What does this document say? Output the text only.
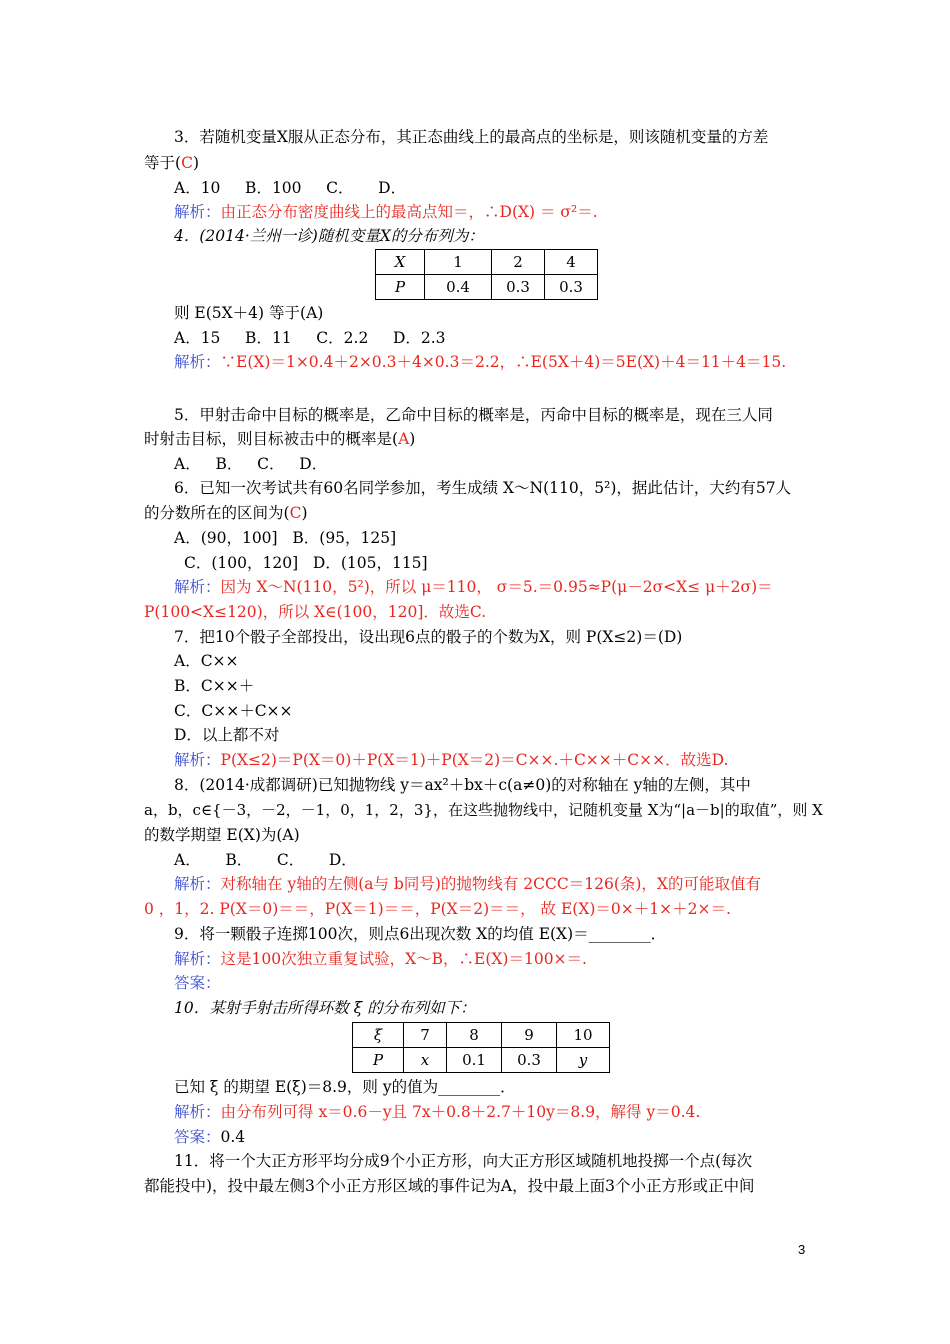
3．若随机变量X服从正态分布，其正态曲线上的最高点的坐标是，则该随机变量的方差
等于(C)
A．10     B．100     C．     D．
解析：由正态分布密度曲线上的最高点知＝，∴D(X) ＝ σ²＝.
4．(2014·兰州一诊)随机变量X的分布列为：
X	1	2	4
P	0.4	0.3	0.3
则 E(5X＋4) 等于(A)
A．15     B．11     C．2.2     D．2.3
解析：∵E(X)＝1×0.4＋2×0.3＋4×0.3＝2.2，∴E(5X＋4)＝5E(X)＋4＝11＋4＝15.
5．甲射击命中目标的概率是，乙命中目标的概率是，丙命中目标的概率是，现在三人同
时射击目标，则目标被击中的概率是(A)
A．   B．   C．   D．
6．已知一次考试共有60名同学参加，考生成绩 X～N(110，5²)，据此估计，大约有57人
的分数所在的区间为(C)
A．(90，100]   B．(95，125]
C．(100，120]   D．(105，115]
解析：因为 X～N(110，5²)，所以 μ＝110， σ＝5.＝0.95≈P(μ－2σ<X≤ μ＋2σ)＝
P(100<X≤120)，所以 X∈(100，120]．故选C.
7．把10个骰子全部投出，设出现6点的骰子的个数为X，则 P(X≤2)＝(D)
A．C××
B．C××＋
C．C××＋C××
D．以上都不对
解析：P(X≤2)＝P(X＝0)＋P(X＝1)＋P(X＝2)＝C××.＋C××＋C××．故选D.
8．(2014·成都调研)已知抛物线 y＝ax²＋bx＋c(a≠0)的对称轴在 y轴的左侧，其中
a，b，c∈{－3，－2，－1，0，1，2，3}，在这些抛物线中，记随机变量 X为“|a－b|的取值”，则 X
的数学期望 E(X)为(A)
A．     B．     C．     D．
解析：对称轴在 y轴的左侧(a与 b同号)的抛物线有 2CCC＝126(条)，X的可能取值有
0 ，1，2. P(X＝0)＝＝，P(X＝1)＝＝，P(X＝2)＝＝， 故 E(X)＝0×＋1×＋2×＝.
9．将一颗骰子连掷100次，则点6出现次数 X的均值 E(X)＝________．
解析：这是100次独立重复试验，X～B，∴E(X)＝100×＝.
答案：
10．某射手射击所得环数 ξ 的分布列如下：
ξ	7	8	9	10
P	x	0.1	0.3	y
已知 ξ 的期望 E(ξ)＝8.9，则 y的值为________．
解析：由分布列可得 x＝0.6－y且 7x＋0.8＋2.7＋10y＝8.9，解得 y＝0.4.
答案：0.4
11．将一个大正方形平均分成9个小正方形，向大正方形区域随机地投掷一个点(每次
都能投中)，投中最左侧3个小正方形区域的事件记为A，投中最上面3个小正方形或正中间
3
